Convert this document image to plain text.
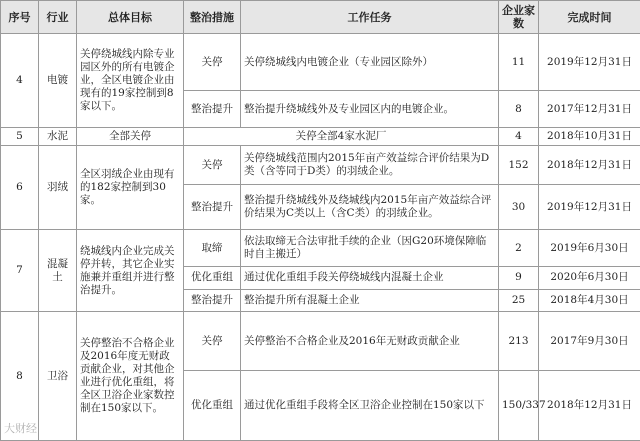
序号	行业	总体目标	整治措施	工作任务	企业家数	完成时间
4	电镀	关停绕城线内除专业园区外的所有电镀企业，全区电镀企业由现有的19家控制到8家以下。	关停	关停绕城线内电镀企业（专业园区除外）	11	2019年12月31日
			整治提升	整治提升绕城线外及专业园区内的电镀企业。	8	2017年12月31日
5	水泥	全部关停	关停全部4家水泥厂		4	2018年10月31日
6	羽绒	全区羽绒企业由现有的182家控制到30家。	关停	关停绕城线范围内2015年亩产效益综合评价结果为D类（含等同于D类）的羽绒企业。	152	2018年12月31日
			整治提升	整治提升绕城线外及绕城线内2015年亩产效益综合评价结果为C类以上（含C类）的羽绒企业。	30	2019年12月31日
7	混凝土	绕城线内企业完成关停并转，其它企业实施兼并重组并进行整治提升。	取缔	依法取缔无合法审批手续的企业（因G20环境保障临时自主搬迁）	2	2019年6月30日
			优化重组	通过优化重组手段关停绕城线内混凝土企业	9	2020年6月30日
			整治提升	整治提升所有混凝土企业	25	2018年4月30日
8	卫浴	关停整治不合格企业及2016年度无财政贡献企业，对其他企业进行优化重组，将全区卫浴企业家数控制在150家以下。	关停	关停整治不合格企业及2016年无财政贡献企业	213	2017年9月30日
			优化重组	通过优化重组手段将全区卫浴企业控制在150家以下	150/337	2018年12月31日
大财经
